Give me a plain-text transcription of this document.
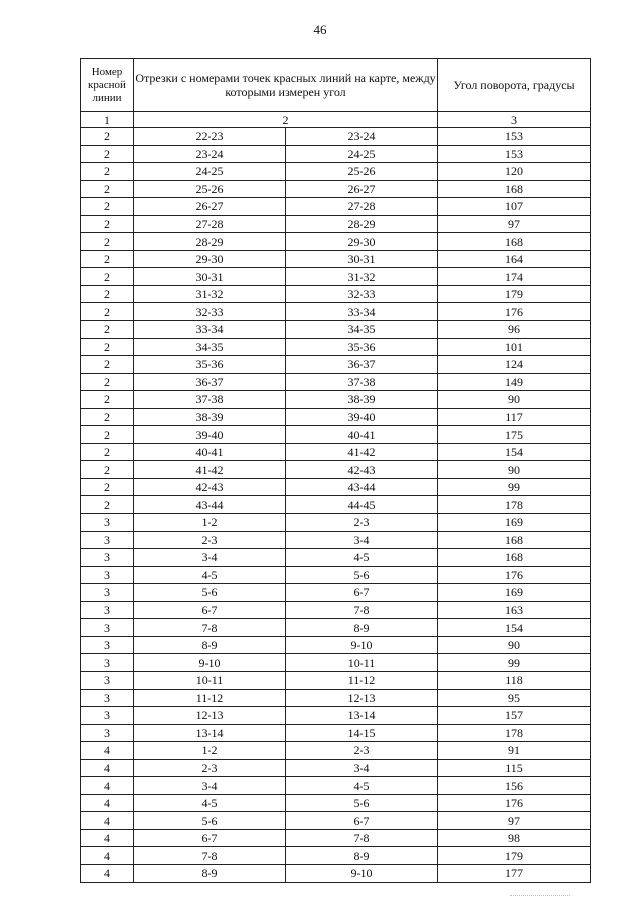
46
Номер красной линии	Отрезки с номерами точек красных линий на карте, между которыми измерен угол		Угол поворота, градусы
1	2		3
2	22-23	23-24	153
2	23-24	24-25	153
2	24-25	25-26	120
2	25-26	26-27	168
2	26-27	27-28	107
2	27-28	28-29	97
2	28-29	29-30	168
2	29-30	30-31	164
2	30-31	31-32	174
2	31-32	32-33	179
2	32-33	33-34	176
2	33-34	34-35	96
2	34-35	35-36	101
2	35-36	36-37	124
2	36-37	37-38	149
2	37-38	38-39	90
2	38-39	39-40	117
2	39-40	40-41	175
2	40-41	41-42	154
2	41-42	42-43	90
2	42-43	43-44	99
2	43-44	44-45	178
3	1-2	2-3	169
3	2-3	3-4	168
3	3-4	4-5	168
3	4-5	5-6	176
3	5-6	6-7	169
3	6-7	7-8	163
3	7-8	8-9	154
3	8-9	9-10	90
3	9-10	10-11	99
3	10-11	11-12	118
3	11-12	12-13	95
3	12-13	13-14	157
3	13-14	14-15	178
4	1-2	2-3	91
4	2-3	3-4	115
4	3-4	4-5	156
4	4-5	5-6	176
4	5-6	6-7	97
4	6-7	7-8	98
4	7-8	8-9	179
4	8-9	9-10	177
